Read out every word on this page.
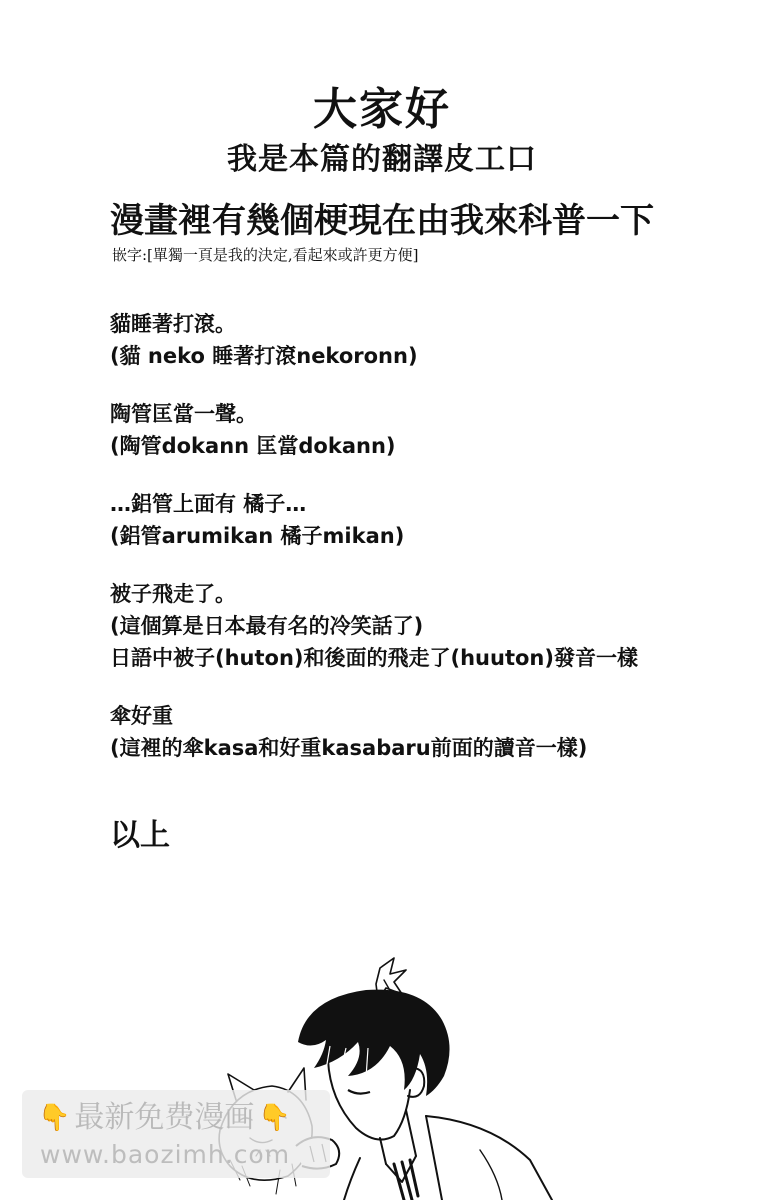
大家好
我是本篇的翻譯皮工口
漫畫裡有幾個梗現在由我來科普一下
嵌字:[單獨一頁是我的決定,看起來或許更方便]
貓睡著打滾。
(貓 neko 睡著打滾nekoronn)
陶管匡當一聲。
(陶管dokann 匡當dokann)
…鋁管上面有 橘子…
(鋁管arumikan 橘子mikan)
被子飛走了。
(這個算是日本最有名的冷笑話了)
日語中被子(huton)和後面的飛走了(huuton)發音一樣
傘好重
(這裡的傘kasa和好重kasabaru前面的讀音一樣)
以上
👇 最新免费漫画 👇
www.baozimh.com
